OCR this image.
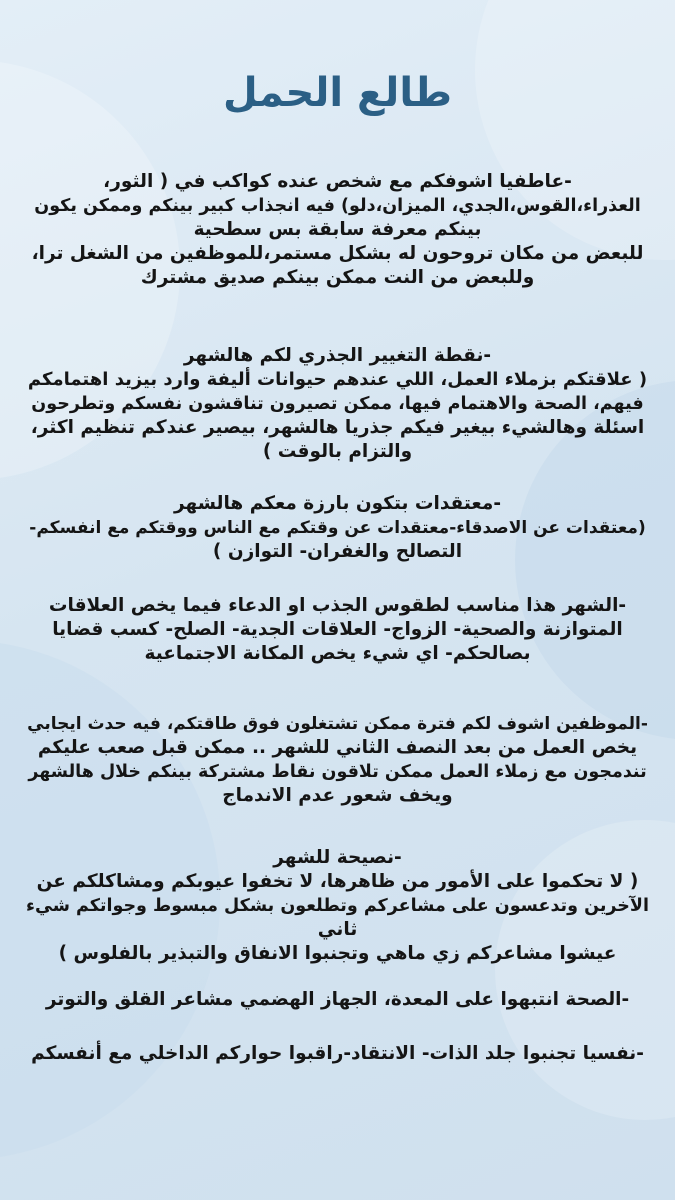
طالع الحمل
-عاطفيا اشوفكم مع شخص عنده كواكب في ( الثور،
العذراء،القوس،الجدي، الميزان،دلو) فيه انجذاب كبير بينكم وممكن يكون
بينكم معرفة سابقة بس سطحية
للبعض من مكان تروحون له بشكل مستمر،للموظفين من الشغل ترا،
وللبعض من النت ممكن بينكم صديق مشترك
-نقطة التغيير الجذري لكم هالشهر
( علاقتكم بزملاء العمل، اللي عندهم حيوانات أليفة وارد بيزيد اهتمامكم
فيهم، الصحة والاهتمام فيها، ممكن تصيرون تناقشون نفسكم وتطرحون
اسئلة وهالشيء بيغير فيكم جذريا هالشهر، بيصير عندكم تنظيم اكثر،
والتزام بالوقت )
-معتقدات بتكون بارزة معكم هالشهر
(معتقدات عن الاصدقاء-معتقدات عن وقتكم مع الناس ووقتكم مع انفسكم-
التصالح والغفران- التوازن )
-الشهر هذا مناسب لطقوس الجذب او الدعاء فيما يخص العلاقات
المتوازنة والصحية- الزواج- العلاقات الجدية- الصلح- كسب قضايا
بصالحكم- اي شيء يخص المكانة الاجتماعية
-الموظفين اشوف لكم فترة ممكن تشتغلون فوق طاقتكم، فيه حدث ايجابي
يخص العمل من بعد النصف الثاني للشهر .. ممكن قبل صعب عليكم
تندمجون مع زملاء العمل ممكن تلاقون نقاط مشتركة بينكم خلال هالشهر
ويخف شعور عدم الاندماج
-نصيحة للشهر
( لا تحكموا على الأمور من ظاهرها، لا تخفوا عيوبكم ومشاكلكم عن
الآخرين وتدعسون على مشاعركم وتطلعون بشكل مبسوط وجواتكم شيء
ثاني
عيشوا مشاعركم زي ماهي وتجنبوا الانفاق والتبذير بالفلوس )
-الصحة انتبهوا على المعدة، الجهاز الهضمي مشاعر القلق والتوتر
-نفسيا تجنبوا جلد الذات- الانتقاد-راقبوا حواركم الداخلي مع أنفسكم
